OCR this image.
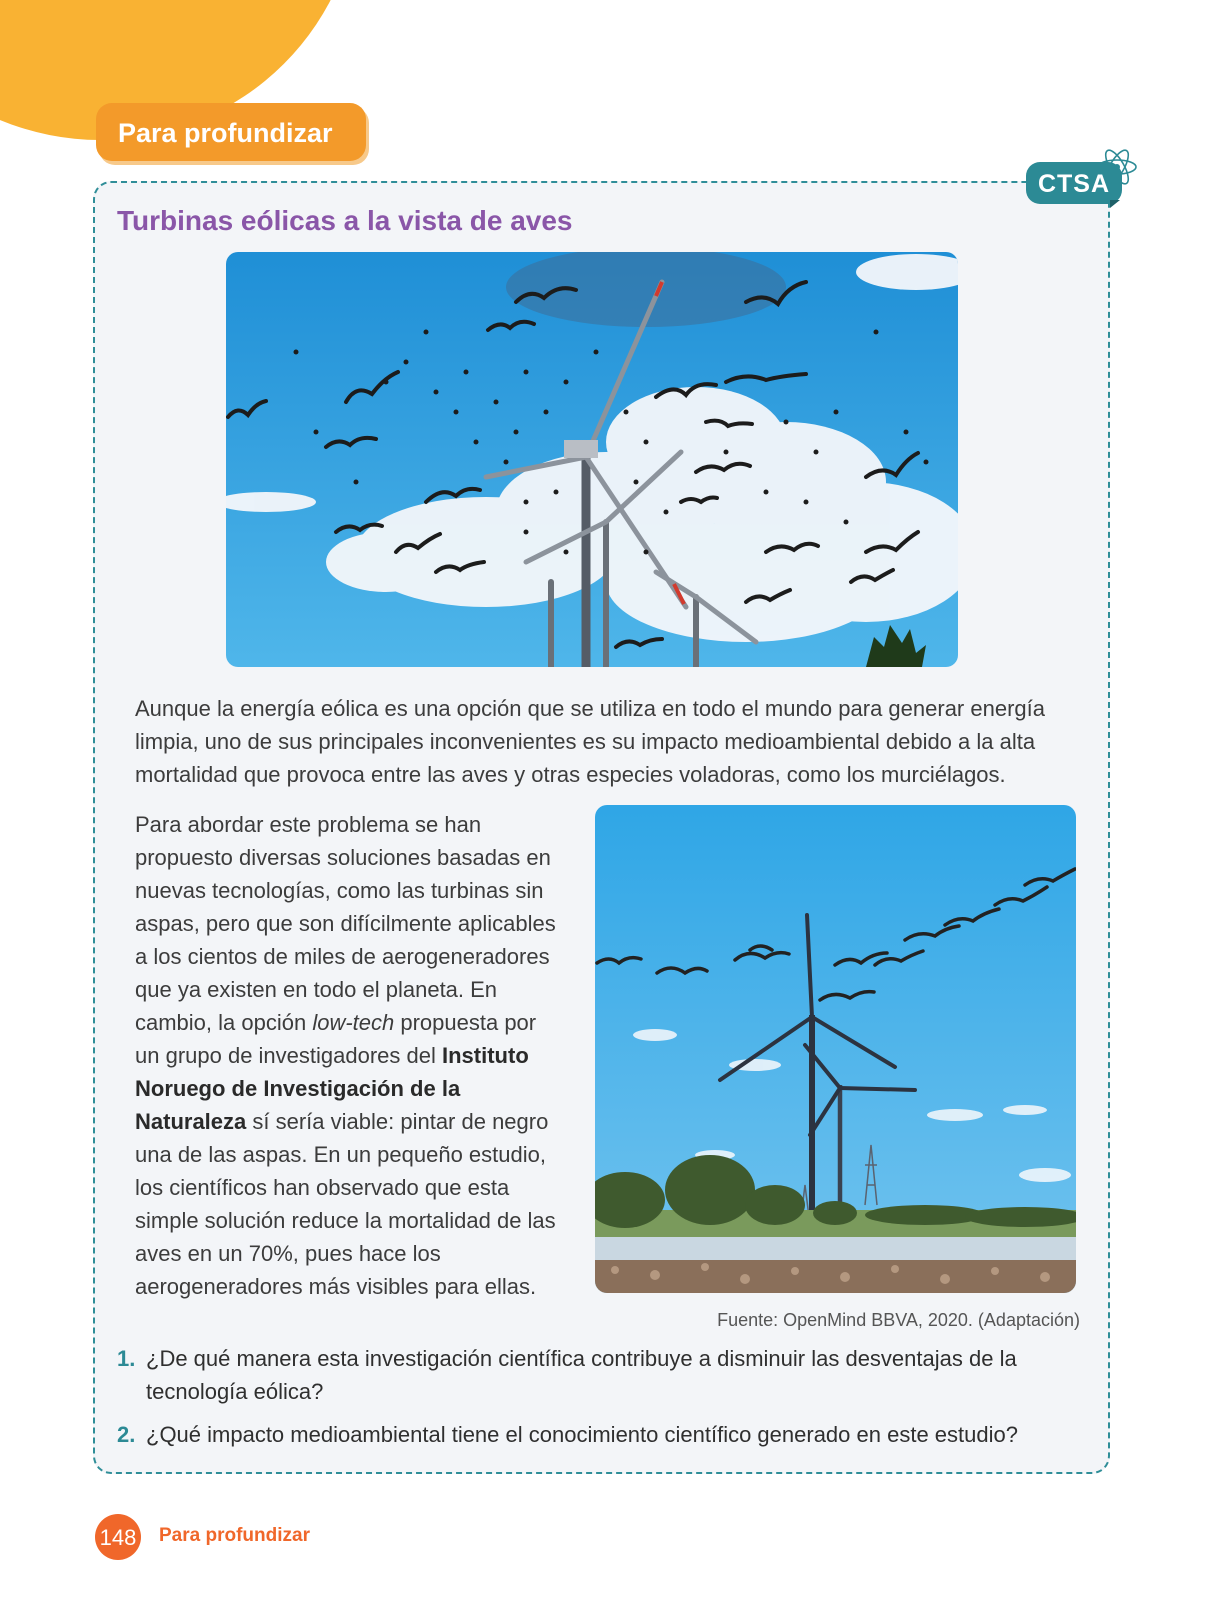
Para profundizar
CTSA
Turbinas eólicas a la vista de aves
Aunque la energía eólica es una opción que se utiliza en todo el mundo para generar energía limpia, uno de sus principales inconvenientes es su impacto medioambiental debido a la alta mortalidad que provoca entre las aves y otras especies voladoras, como los murciélagos.
Para abordar este problema se han propuesto diversas soluciones basadas en nuevas tecnologías, como las turbinas sin aspas, pero que son difícilmente aplicables a los cientos de miles de aerogeneradores que ya existen en todo el planeta. En cambio, la opción low-tech propuesta por un grupo de investigadores del Instituto Noruego de Investigación de la Naturaleza sí sería viable: pintar de negro una de las aspas. En un pequeño estudio, los científicos han observado que esta simple solución reduce la mortalidad de las aves en un 70%, pues hace los aerogeneradores más visibles para ellas.
Fuente: OpenMind BBVA, 2020. (Adaptación)
1. ¿De qué manera esta investigación científica contribuye a disminuir las desventajas de la tecnología eólica?
2. ¿Qué impacto medioambiental tiene el conocimiento científico generado en este estudio?
148 Para profundizar
